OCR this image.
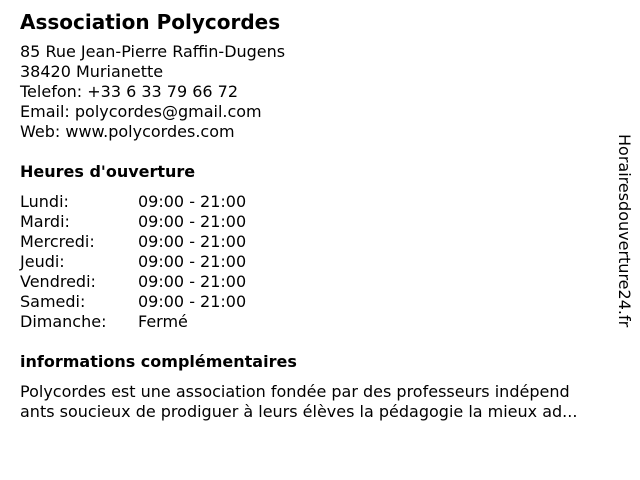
Association Polycordes
85 Rue Jean-Pierre Raffin-Dugens
38420 Murianette
Telefon: +33 6 33 79 66 72
Email: polycordes@gmail.com
Web: www.polycordes.com
Heures d'ouverture
Lundi:	09:00 - 21:00
Mardi:	09:00 - 21:00
Mercredi:	09:00 - 21:00
Jeudi:	09:00 - 21:00
Vendredi:	09:00 - 21:00
Samedi:	09:00 - 21:00
Dimanche:	Fermé
informations complémentaires
Polycordes est une association fondée par des professeurs indépend
ants soucieux de prodiguer à leurs élèves la pédagogie la mieux ad...
Horairesdouverture24.fr
